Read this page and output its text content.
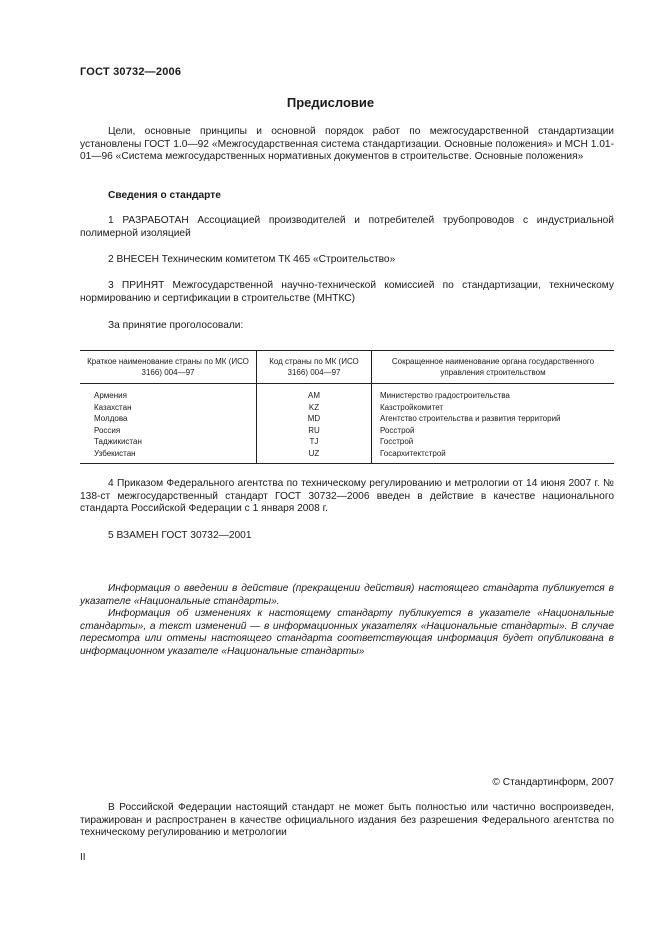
ГОСТ 30732—2006
Предисловие
Цели, основные принципы и основной порядок работ по межгосударственной стандартизации установлены ГОСТ 1.0—92 «Межгосударственная система стандартизации. Основные положения» и МСН 1.01-01—96 «Система межгосударственных нормативных документов в строительстве. Основные положения»
Сведения о стандарте
1 РАЗРАБОТАН Ассоциацией производителей и потребителей трубопроводов с индустриальной полимерной изоляцией
2 ВНЕСЕН Техническим комитетом ТК 465 «Строительство»
3 ПРИНЯТ Межгосударственной научно-технической комиссией по стандартизации, техническому нормированию и сертификации в строительстве (МНТКС)
За принятие проголосовали:
Краткое наименование страны по МК (ИСО 3166) 004—97	Код страны по МК (ИСО 3166) 004—97	Сокращенное наименование органа государственного управления строительством
Армения	AM	Министерство градостроительства
Казахстан	KZ	Казстройкомитет
Молдова	MD	Агентство строительства и развития территорий
Россия	RU	Росстрой
Таджикистан	TJ	Госстрой
Узбекистан	UZ	Госархитектстрой
4 Приказом Федерального агентства по техническому регулированию и метрологии от 14 июня 2007 г. № 138-ст межгосударственный стандарт ГОСТ 30732—2006 введен в действие в качестве национального стандарта Российской Федерации с 1 января 2008 г.
5 ВЗАМЕН ГОСТ 30732—2001
Информация о введении в действие (прекращении действия) настоящего стандарта публикуется в указателе «Национальные стандарты».
Информация об изменениях к настоящему стандарту публикуется в указателе «Национальные стандарты», а текст изменений — в информационных указателях «Национальные стандарты». В случае пересмотра или отмены настоящего стандарта соответствующая информация будет опубликована в информационном указателе «Национальные стандарты»
© Стандартинформ, 2007
В Российской Федерации настоящий стандарт не может быть полностью или частично воспроизведен, тиражирован и распространен в качестве официального издания без разрешения Федерального агентства по техническому регулированию и метрологии
II
